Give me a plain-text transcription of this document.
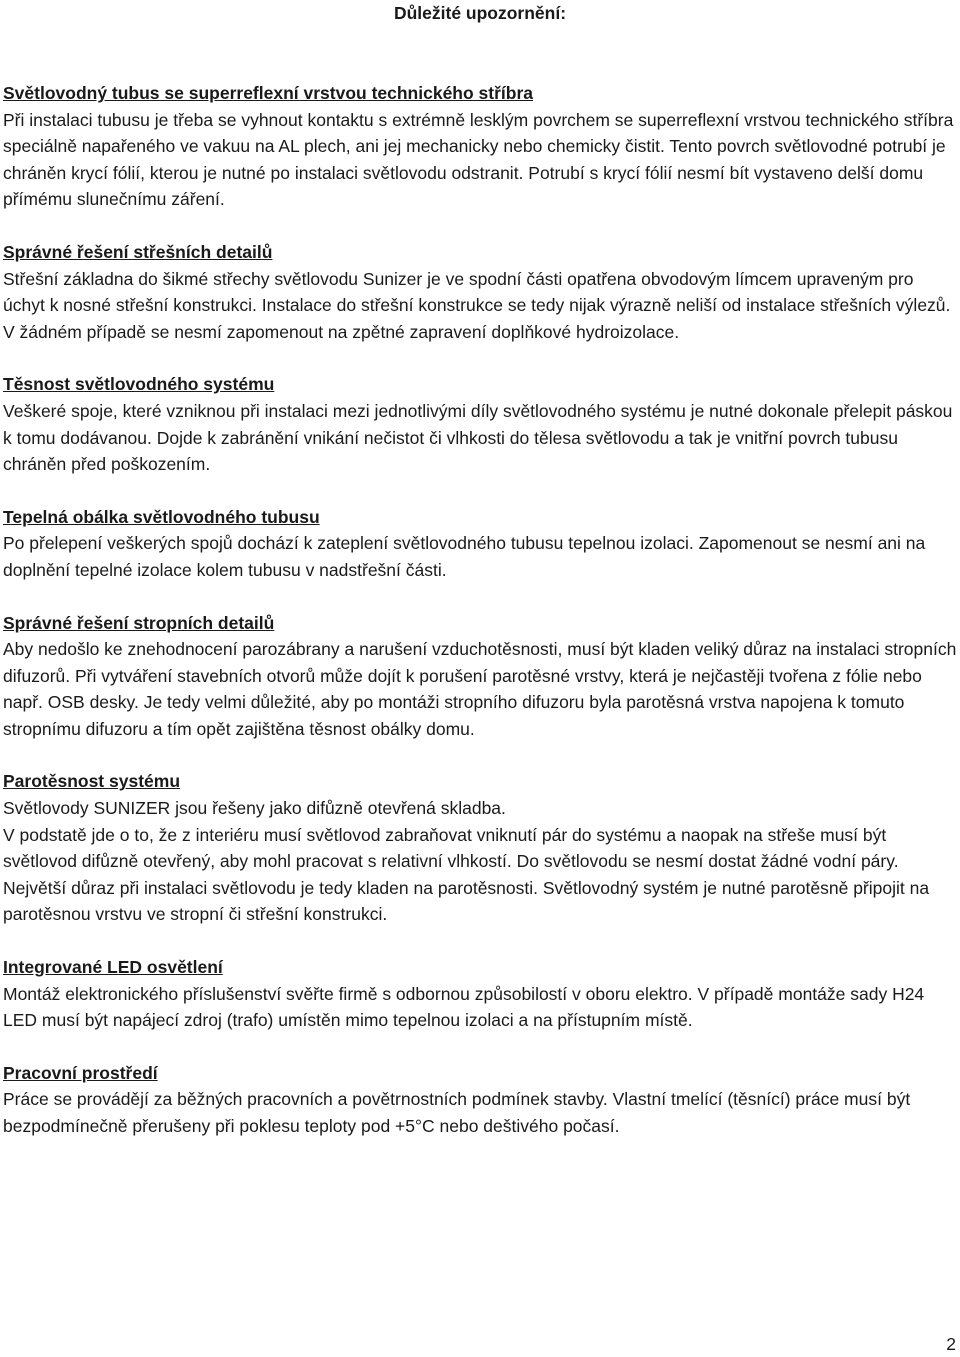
Důležité upozornění:

Světlovodný tubus se superreflexní vrstvou technického stříbra

Při instalaci tubusu je třeba se vyhnout kontaktu s extrémně lesklým povrchem se superreflexní vrstvou technického stříbra speciálně napařeného ve vakuu na AL plech, ani jej mechanicky nebo chemicky čistit. Tento povrch světlovodné potrubí je chráněn krycí fólií, kterou je nutné po instalaci světlovodu odstranit. Potrubí s krycí fólií nesmí bít vystaveno delší domu přímému slunečnímu záření.

Správné řešení střešních detailů

Střešní základna do šikmé střechy světlovodu Sunizer je ve spodní části opatřena obvodovým límcem upraveným pro úchyt k nosné střešní konstrukci. Instalace do střešní konstrukce se tedy nijak výrazně neliší od instalace střešních výlezů. V žádném případě se nesmí zapomenout na zpětné zapravení doplňkové hydroizolace.

Těsnost světlovodného systému

Veškeré spoje, které vzniknou při instalaci mezi jednotlivými díly světlovodného systému je nutné dokonale přelepit páskou k tomu dodávanou. Dojde k zabránění vnikání nečistot či vlhkosti do tělesa světlovodu a tak je vnitřní povrch tubusu chráněn před poškozením.

Tepelná obálka světlovodného tubusu

Po přelepení veškerých spojů dochází k zateplení světlovodného tubusu tepelnou izolaci. Zapomenout se nesmí ani na doplnění tepelné izolace kolem tubusu v nadstřešní části.

Správné řešení stropních detailů

Aby nedošlo ke znehodnocení parozábrany a narušení vzduchotěsnosti, musí být kladen veliký důraz na instalaci stropních difuzorů. Při vytváření stavebních otvorů může dojít k porušení parotěsné vrstvy, která je nejčastěji tvořena z fólie nebo např. OSB desky. Je tedy velmi důležité, aby po montáži stropního difuzoru byla parotěsná vrstva napojena k tomuto stropnímu difuzoru a tím opět zajištěna těsnost obálky domu.

Parotěsnost systému

Světlovody SUNIZER jsou řešeny jako difůzně otevřená skladba.

V podstatě jde o to, že z interiéru musí světlovod zabraňovat vniknutí pár do systému a naopak na střeše musí být světlovod difůzně otevřený, aby mohl pracovat s relativní vlhkostí. Do světlovodu se nesmí dostat žádné vodní páry. Největší důraz při instalaci světlovodu je tedy kladen na parotěsnosti. Světlovodný systém je nutné parotěsně připojit na parotěsnou vrstvu ve stropní či střešní konstrukci.

Integrované LED osvětlení

Montáž elektronického příslušenství svěřte firmě s odbornou způsobilostí v oboru elektro. V případě montáže sady H24 LED musí být napájecí zdroj (trafo) umístěn mimo tepelnou izolaci a na přístupním místě.

Pracovní prostředí

Práce se provádějí za běžných pracovních a povětrnostních podmínek stavby. Vlastní tmelící (těsnící) práce musí být bezpodmínečně přerušeny při poklesu teploty pod +5°C nebo deštivého počasí.

2
